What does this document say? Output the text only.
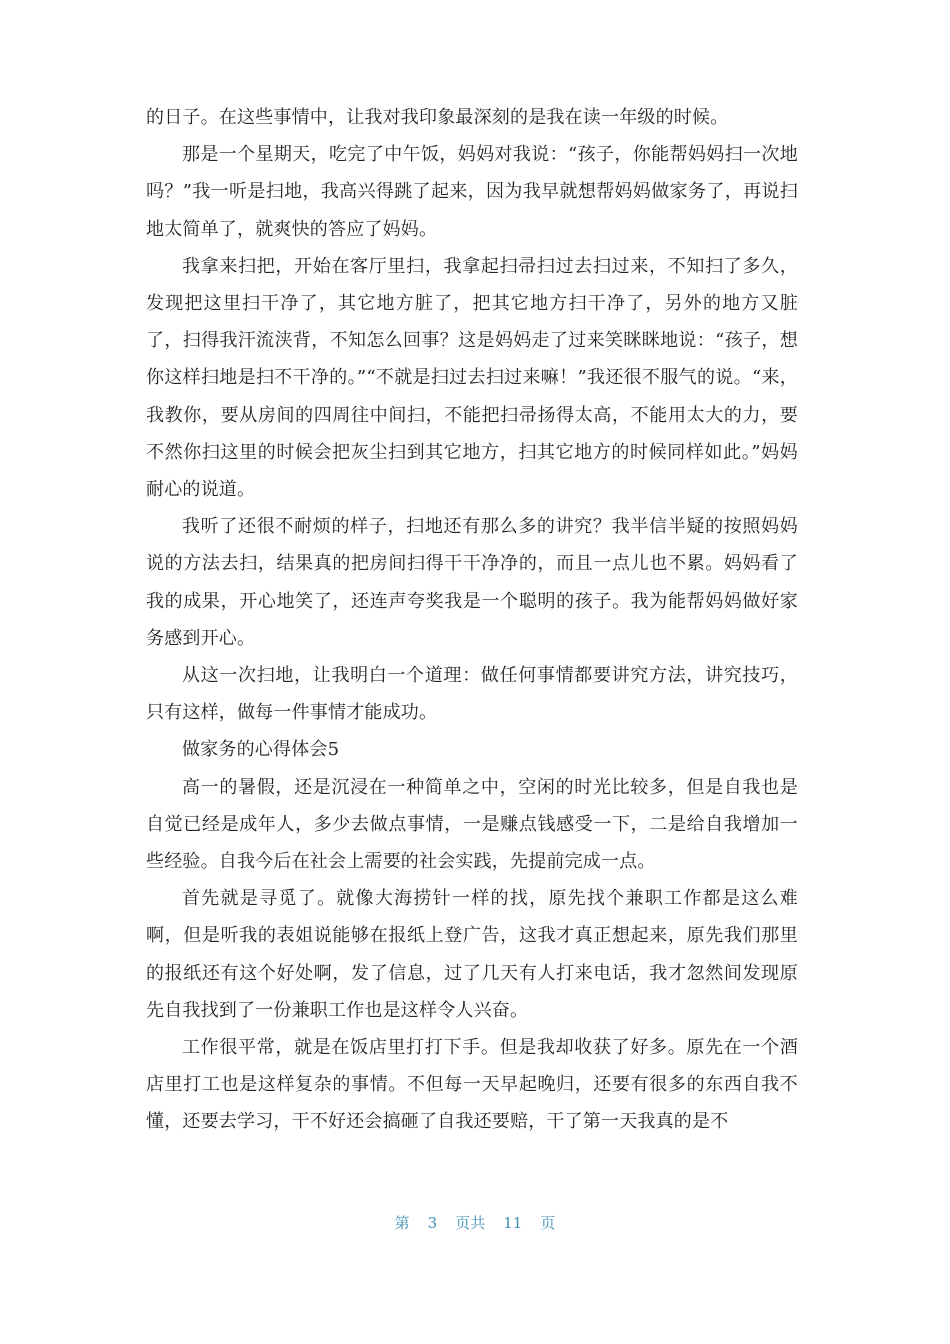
的日子。在这些事情中，让我对我印象最深刻的是我在读一年级的时候。

那是一个星期天，吃完了中午饭，妈妈对我说：“孩子，你能帮妈妈扫一次地吗？”我一听是扫地，我高兴得跳了起来，因为我早就想帮妈妈做家务了，再说扫地太简单了，就爽快的答应了妈妈。

我拿来扫把，开始在客厅里扫，我拿起扫帚扫过去扫过来，不知扫了多久，发现把这里扫干净了，其它地方脏了，把其它地方扫干净了，另外的地方又脏了，扫得我汗流浃背，不知怎么回事？这是妈妈走了过来笑眯眯地说：“孩子，想你这样扫地是扫不干净的。”“不就是扫过去扫过来嘛！”我还很不服气的说。“来，我教你，要从房间的四周往中间扫，不能把扫帚扬得太高，不能用太大的力，要不然你扫这里的时候会把灰尘扫到其它地方，扫其它地方的时候同样如此。”妈妈耐心的说道。

我听了还很不耐烦的样子，扫地还有那么多的讲究？我半信半疑的按照妈妈说的方法去扫，结果真的把房间扫得干干净净的，而且一点儿也不累。妈妈看了我的成果，开心地笑了，还连声夸奖我是一个聪明的孩子。我为能帮妈妈做好家务感到开心。

从这一次扫地，让我明白一个道理：做任何事情都要讲究方法，讲究技巧，只有这样，做每一件事情才能成功。

做家务的心得体会5

高一的暑假，还是沉浸在一种简单之中，空闲的时光比较多，但是自我也是自觉已经是成年人，多少去做点事情，一是赚点钱感受一下，二是给自我增加一些经验。自我今后在社会上需要的社会实践，先提前完成一点。

首先就是寻觅了。就像大海捞针一样的找，原先找个兼职工作都是这么难啊，但是听我的表姐说能够在报纸上登广告，这我才真正想起来，原先我们那里的报纸还有这个好处啊，发了信息，过了几天有人打来电话，我才忽然间发现原先自我找到了一份兼职工作也是这样令人兴奋。

工作很平常，就是在饭店里打打下手。但是我却收获了好多。原先在一个酒店里打工也是这样复杂的事情。不但每一天早起晚归，还要有很多的东西自我不懂，还要去学习，干不好还会搞砸了自我还要赔，干了第一天我真的是不

第 3 页共 11 页
